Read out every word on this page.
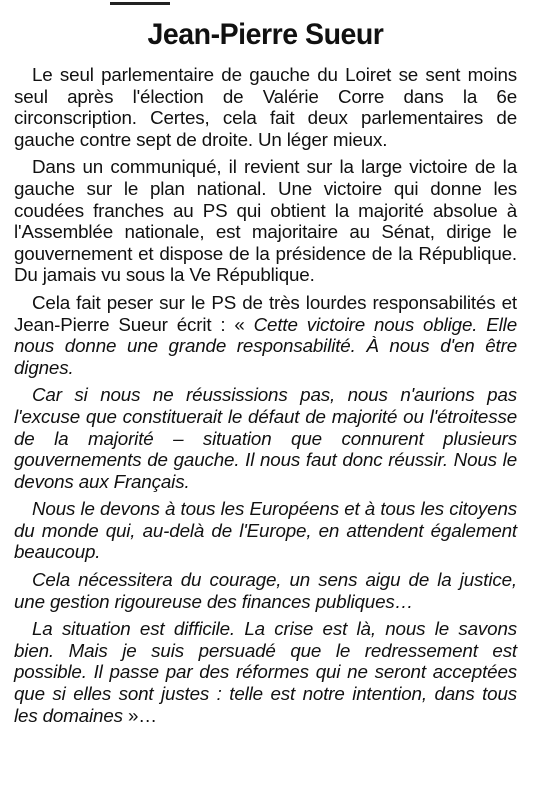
Jean-Pierre Sueur

Le seul parlementaire de gauche du Loiret se sent moins seul après l'élection de Valérie Corre dans la 6e circonscription. Certes, cela fait deux parlementaires de gauche contre sept de droite. Un léger mieux.

Dans un communiqué, il revient sur la large victoire de la gauche sur le plan national. Une victoire qui donne les coudées franches au PS qui obtient la majorité absolue à l'Assemblée nationale, est majoritaire au Sénat, dirige le gouvernement et dispose de la présidence de la République. Du jamais vu sous la Ve République.

Cela fait peser sur le PS de très lourdes responsabilités et Jean-Pierre Sueur écrit : « Cette victoire nous oblige. Elle nous donne une grande responsabilité. À nous d'en être dignes.

Car si nous ne réussissions pas, nous n'aurions pas l'excuse que constituerait le défaut de majorité ou l'étroitesse de la majorité – situation que connurent plusieurs gouvernements de gauche. Il nous faut donc réussir. Nous le devons aux Français.

Nous le devons à tous les Européens et à tous les citoyens du monde qui, au-delà de l'Europe, en attendent également beaucoup.

Cela nécessitera du courage, un sens aigu de la justice, une gestion rigoureuse des finances publiques…

La situation est difficile. La crise est là, nous le savons bien. Mais je suis persuadé que le redressement est possible. Il passe par des réformes qui ne seront acceptées que si elles sont justes : telle est notre intention, dans tous les domaines »…
